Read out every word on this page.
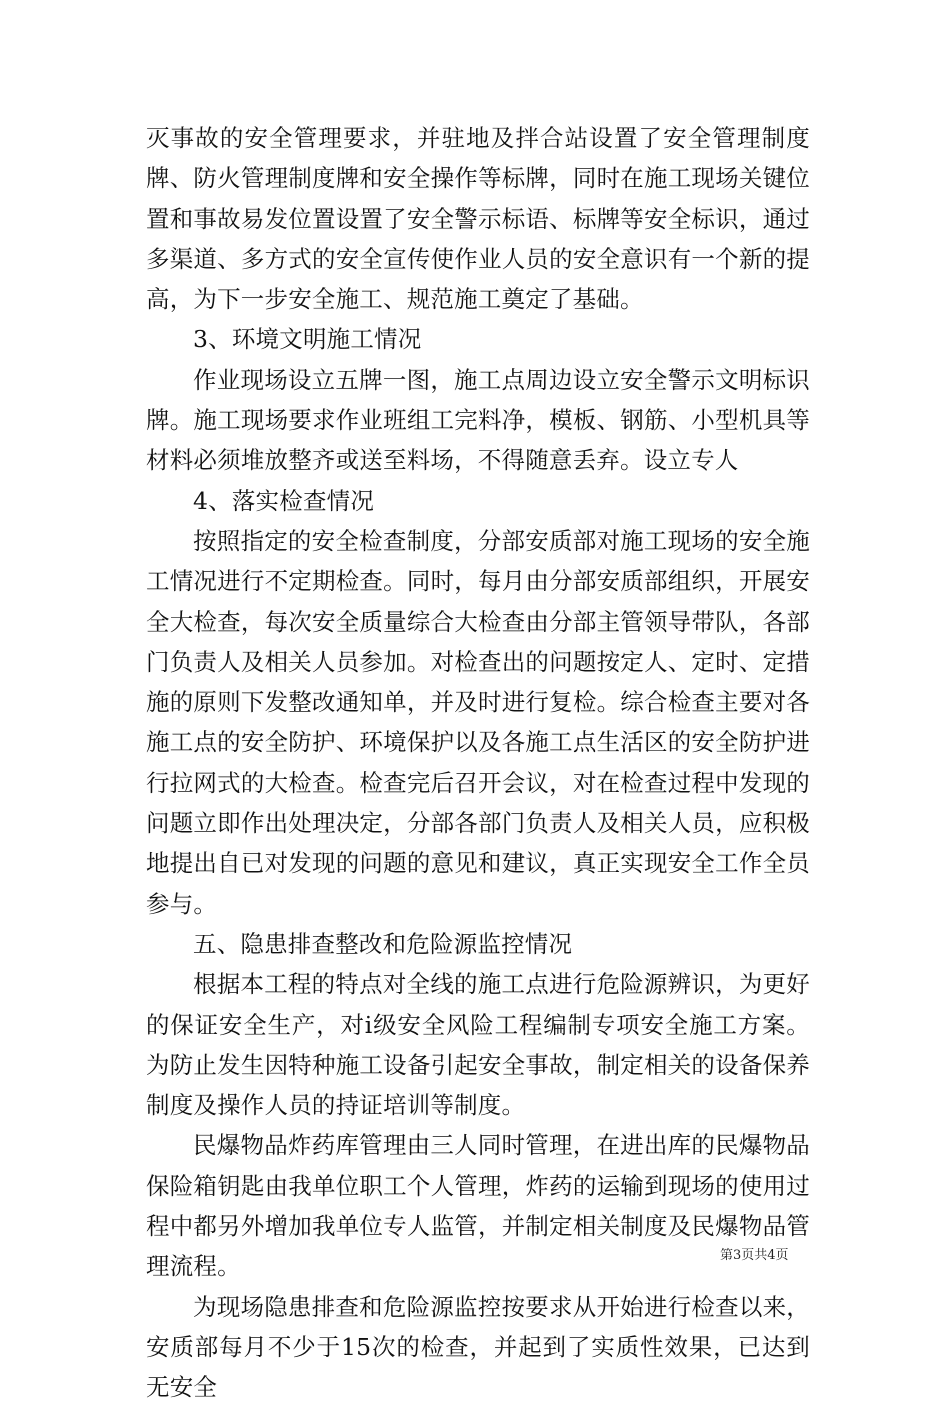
灭事故的安全管理要求，并驻地及拌合站设置了安全管理制度牌、防火管理制度牌和安全操作等标牌，同时在施工现场关键位置和事故易发位置设置了安全警示标语、标牌等安全标识，通过多渠道、多方式的安全宣传使作业人员的安全意识有一个新的提高，为下一步安全施工、规范施工奠定了基础。

3、环境文明施工情况

作业现场设立五牌一图，施工点周边设立安全警示文明标识牌。施工现场要求作业班组工完料净，模板、钢筋、小型机具等材料必须堆放整齐或送至料场，不得随意丢弃。设立专人

4、落实检查情况

按照指定的安全检查制度，分部安质部对施工现场的安全施工情况进行不定期检查。同时，每月由分部安质部组织，开展安全大检查，每次安全质量综合大检查由分部主管领导带队，各部门负责人及相关人员参加。对检查出的问题按定人、定时、定措施的原则下发整改通知单，并及时进行复检。综合检查主要对各施工点的安全防护、环境保护以及各施工点生活区的安全防护进行拉网式的大检查。检查完后召开会议，对在检查过程中发现的问题立即作出处理决定，分部各部门负责人及相关人员，应积极地提出自已对发现的问题的意见和建议，真正实现安全工作全员参与。

五、隐患排查整改和危险源监控情况

根据本工程的特点对全线的施工点进行危险源辨识，为更好的保证安全生产，对ⅰ级安全风险工程编制专项安全施工方案。为防止发生因特种施工设备引起安全事故，制定相关的设备保养制度及操作人员的持证培训等制度。

民爆物品炸药库管理由三人同时管理，在进出库的民爆物品保险箱钥匙由我单位职工个人管理，炸药的运输到现场的使用过程中都另外增加我单位专人监管，并制定相关制度及民爆物品管理流程。

为现场隐患排查和危险源监控按要求从开始进行检查以来，安质部每月不少于15次的检查，并起到了实质性效果，已达到无安全

第3页共4页
